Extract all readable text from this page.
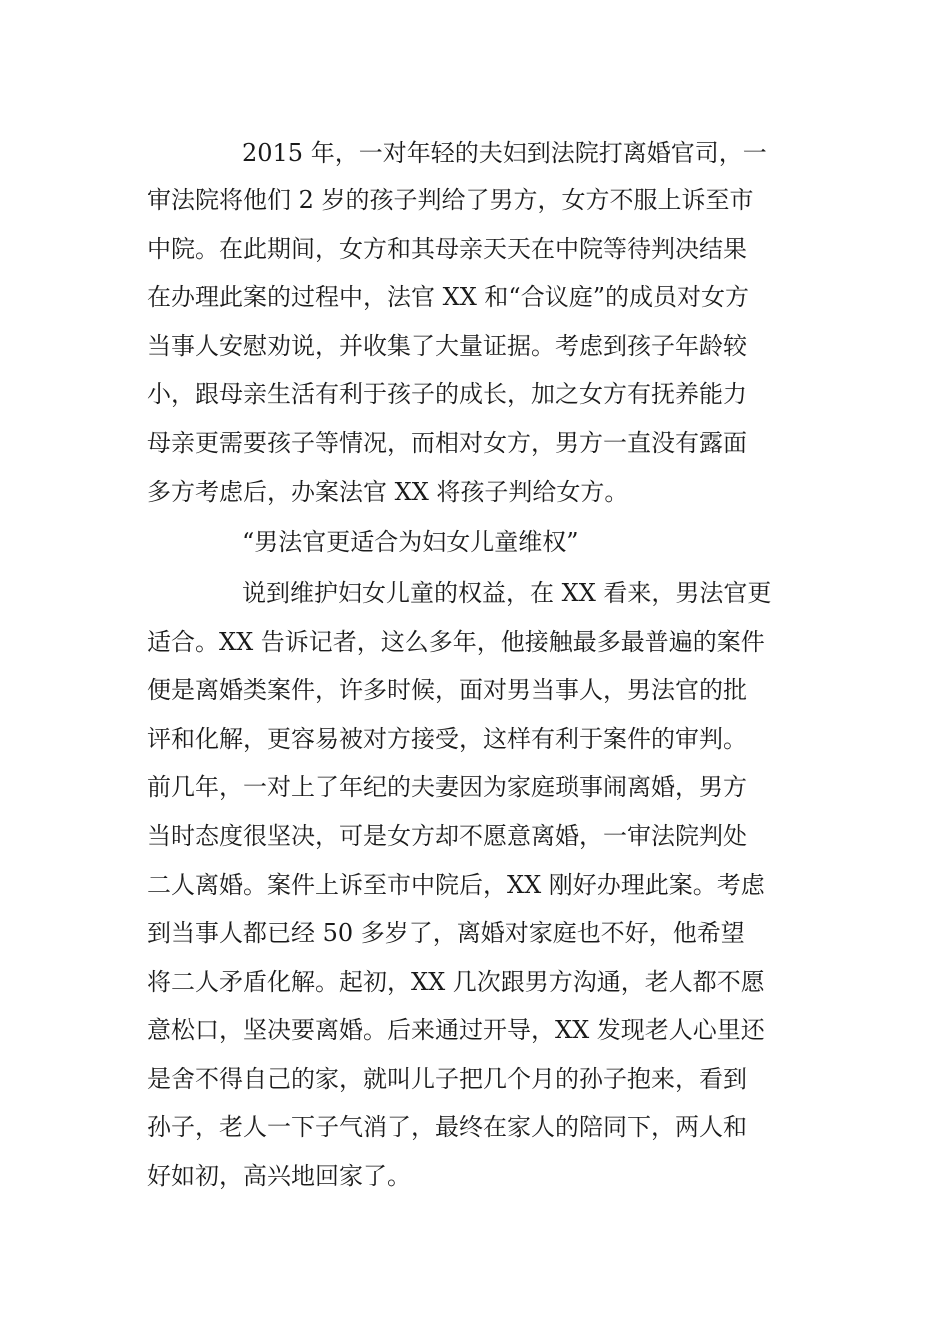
2015 年，一对年轻的夫妇到法院打离婚官司，一
审法院将他们 2 岁的孩子判给了男方，女方不服上诉至市
中院。在此期间，女方和其母亲天天在中院等待判决结果
在办理此案的过程中，法官 XX 和“合议庭”的成员对女方
当事人安慰劝说，并收集了大量证据。考虑到孩子年龄较
小，跟母亲生活有利于孩子的成长，加之女方有抚养能力
母亲更需要孩子等情况，而相对女方，男方一直没有露面
多方考虑后，办案法官 XX 将孩子判给女方。
“男法官更适合为妇女儿童维权”
说到维护妇女儿童的权益，在 XX 看来，男法官更
适合。XX 告诉记者，这么多年，他接触最多最普遍的案件
便是离婚类案件，许多时候，面对男当事人，男法官的批
评和化解，更容易被对方接受，这样有利于案件的审判。
前几年，一对上了年纪的夫妻因为家庭琐事闹离婚，男方
当时态度很坚决，可是女方却不愿意离婚，一审法院判处
二人离婚。案件上诉至市中院后，XX 刚好办理此案。考虑
到当事人都已经 50 多岁了，离婚对家庭也不好，他希望
将二人矛盾化解。起初，XX 几次跟男方沟通，老人都不愿
意松口，坚决要离婚。后来通过开导，XX 发现老人心里还
是舍不得自己的家，就叫儿子把几个月的孙子抱来，看到
孙子，老人一下子气消了，最终在家人的陪同下，两人和
好如初，高兴地回家了。
